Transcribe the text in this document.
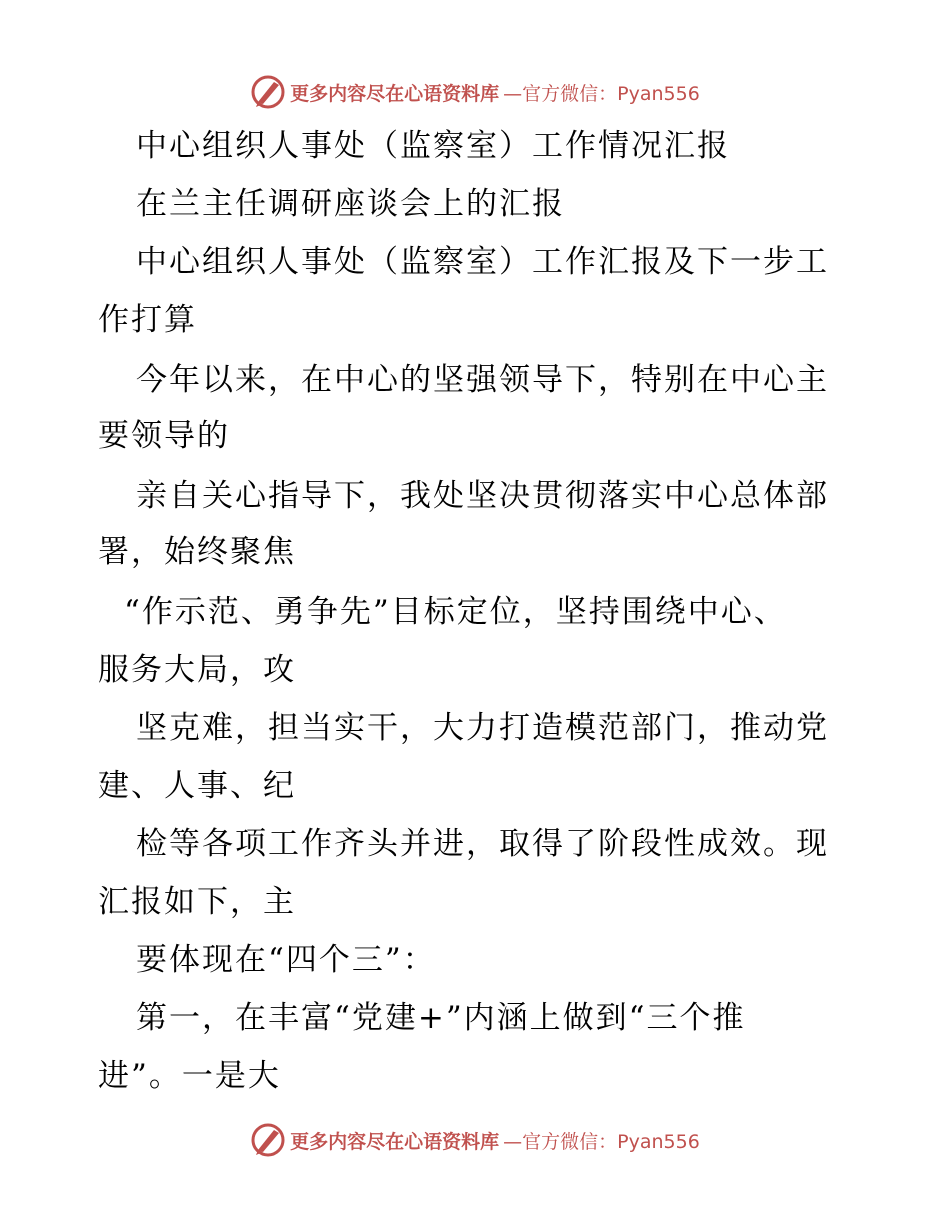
更多内容尽在心语资料库 —官方微信：Pyan556
中心组织人事处（监察室）工作情况汇报
在兰主任调研座谈会上的汇报
中心组织人事处（监察室）工作汇报及下一步工
作打算
今年以来，在中心的坚强领导下，特别在中心主
要领导的
亲自关心指导下，我处坚决贯彻落实中心总体部
署，始终聚焦
“作示范、勇争先”目标定位，坚持围绕中心、
服务大局，攻
坚克难，担当实干，大力打造模范部门，推动党
建、人事、纪
检等各项工作齐头并进，取得了阶段性成效。现
汇报如下，主
要体现在“四个三”：
第一，在丰富“党建+”内涵上做到“三个推
进”。一是大
更多内容尽在心语资料库 —官方微信：Pyan556
